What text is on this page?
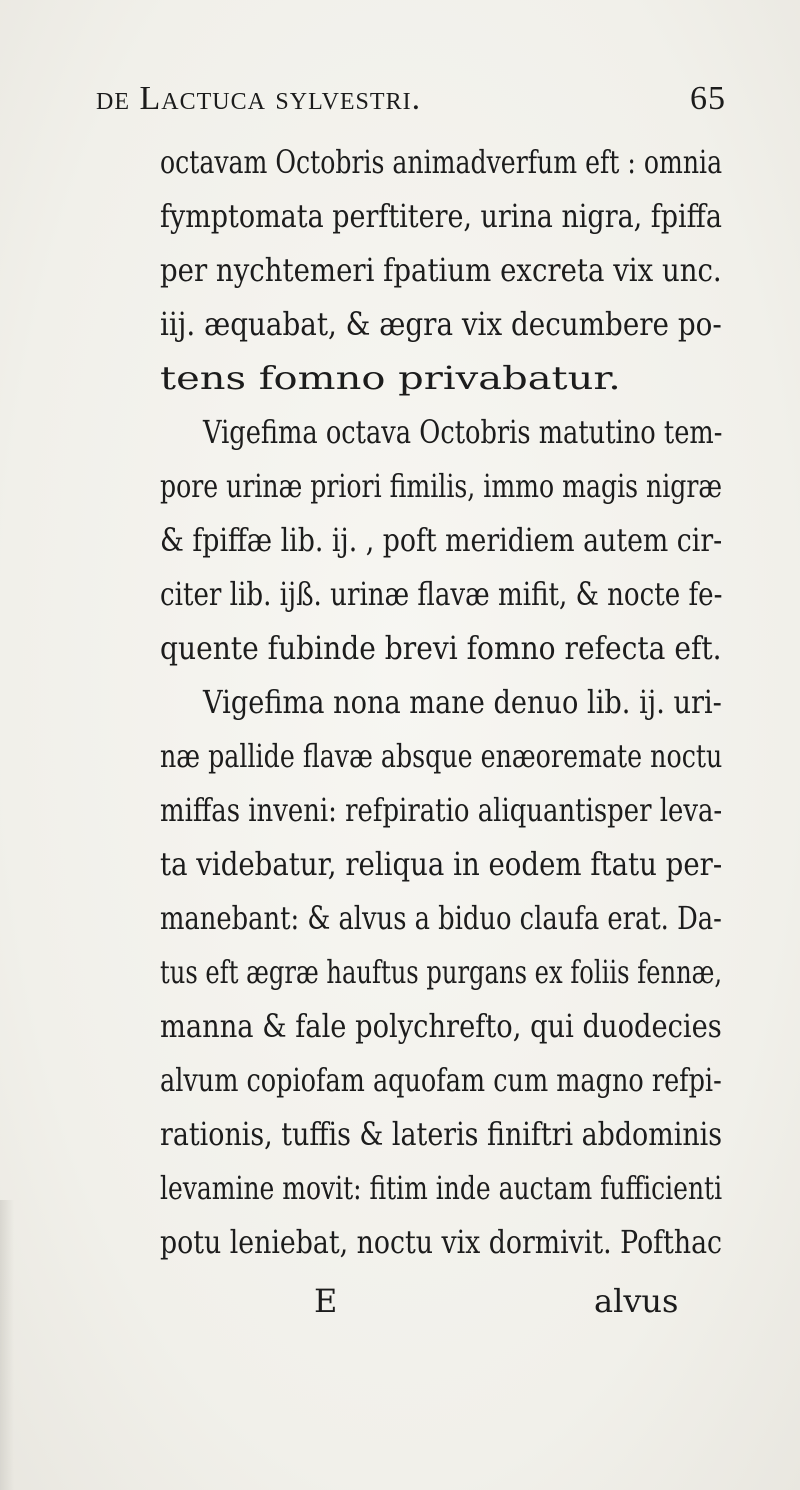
de Lactuca sylvestri.	65
octavam Octobris animadverfum eft : omnia
fymptomata perftitere, urina nigra, fpiffa
per nychtemeri fpatium excreta vix unc.
iij. æquabat, & ægra vix decumbere po-
tens fomno privabatur.
Vigefima octava Octobris matutino tem-
pore urinæ priori fimilis, immo magis nigræ
& fpiffæ lib. ij. , poft meridiem autem cir-
citer lib. ijß. urinæ flavæ mifit, & nocte fe-
quente fubinde brevi fomno refecta eft.
Vigefima nona mane denuo lib. ij. uri-
næ pallide flavæ absque enæoremate noctu
miffas inveni: refpiratio aliquantisper leva-
ta videbatur, reliqua in eodem ftatu per-
manebant: & alvus a biduo claufa erat. Da-
tus eft ægræ hauftus purgans ex foliis fennæ,
manna & fale polychrefto, qui duodecies
alvum copiofam aquofam cum magno refpi-
rationis, tuffis & lateris finiftri abdominis
levamine movit: fitim inde auctam fufficienti
potu leniebat, noctu vix dormivit. Pofthac
E	alvus
